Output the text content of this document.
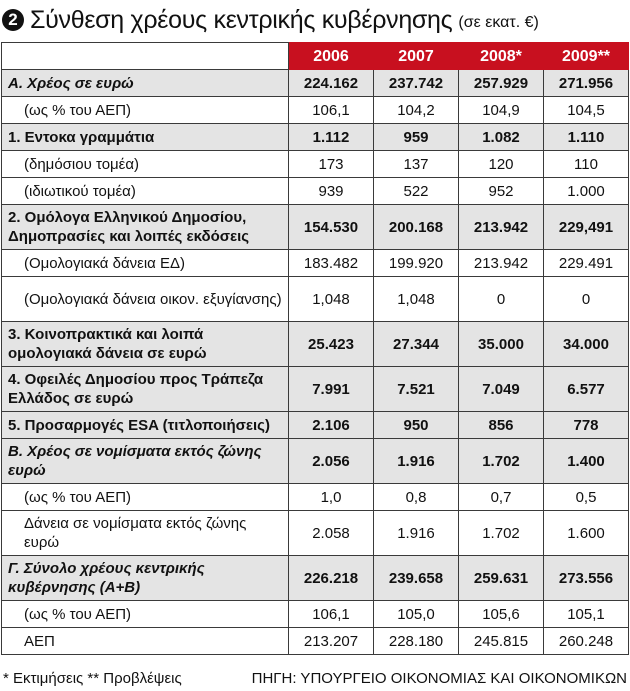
2 Σύνθεση χρέους κεντρικής κυβέρνησης (σε εκατ. €)
	2006	2007	2008*	2009**
Α. Χρέος σε ευρώ	224.162	237.742	257.929	271.956
(ως % του ΑΕΠ)	106,1	104,2	104,9	104,5
1. Εντοκα γραμμάτια	1.112	959	1.082	1.110
(δημόσιου τομέα)	173	137	120	110
(ιδιωτικού τομέα)	939	522	952	1.000
2. Ομόλογα Ελληνικού Δημοσίου, Δημοπρασίες και λοιπές εκδόσεις	154.530	200.168	213.942	229,491
(Ομολογιακά δάνεια ΕΔ)	183.482	199.920	213.942	229.491
(Ομολογιακά δάνεια οικον. εξυγίανσης)	1,048	1,048	0	0
3. Κοινοπρακτικά και λοιπά ομολογιακά δάνεια σε ευρώ	25.423	27.344	35.000	34.000
4. Οφειλές Δημοσίου προς Τράπεζα Ελλάδος σε ευρώ	7.991	7.521	7.049	6.577
5. Προσαρμογές ESA (τιτλοποιήσεις)	2.106	950	856	778
Β. Χρέος σε νομίσματα εκτός ζώνης ευρώ	2.056	1.916	1.702	1.400
(ως % του ΑΕΠ)	1,0	0,8	0,7	0,5
Δάνεια σε νομίσματα εκτός ζώνης ευρώ	2.058	1.916	1.702	1.600
Γ. Σύνολο χρέους κεντρικής κυβέρνησης (Α+Β)	226.218	239.658	259.631	273.556
(ως % του ΑΕΠ)	106,1	105,0	105,6	105,1
ΑΕΠ	213.207	228.180	245.815	260.248
* Εκτιμήσεις ** Προβλέψεις	ΠΗΓΗ: ΥΠΟΥΡΓΕΙΟ ΟΙΚΟΝΟΜΙΑΣ ΚΑΙ ΟΙΚΟΝΟΜΙΚΩΝ
